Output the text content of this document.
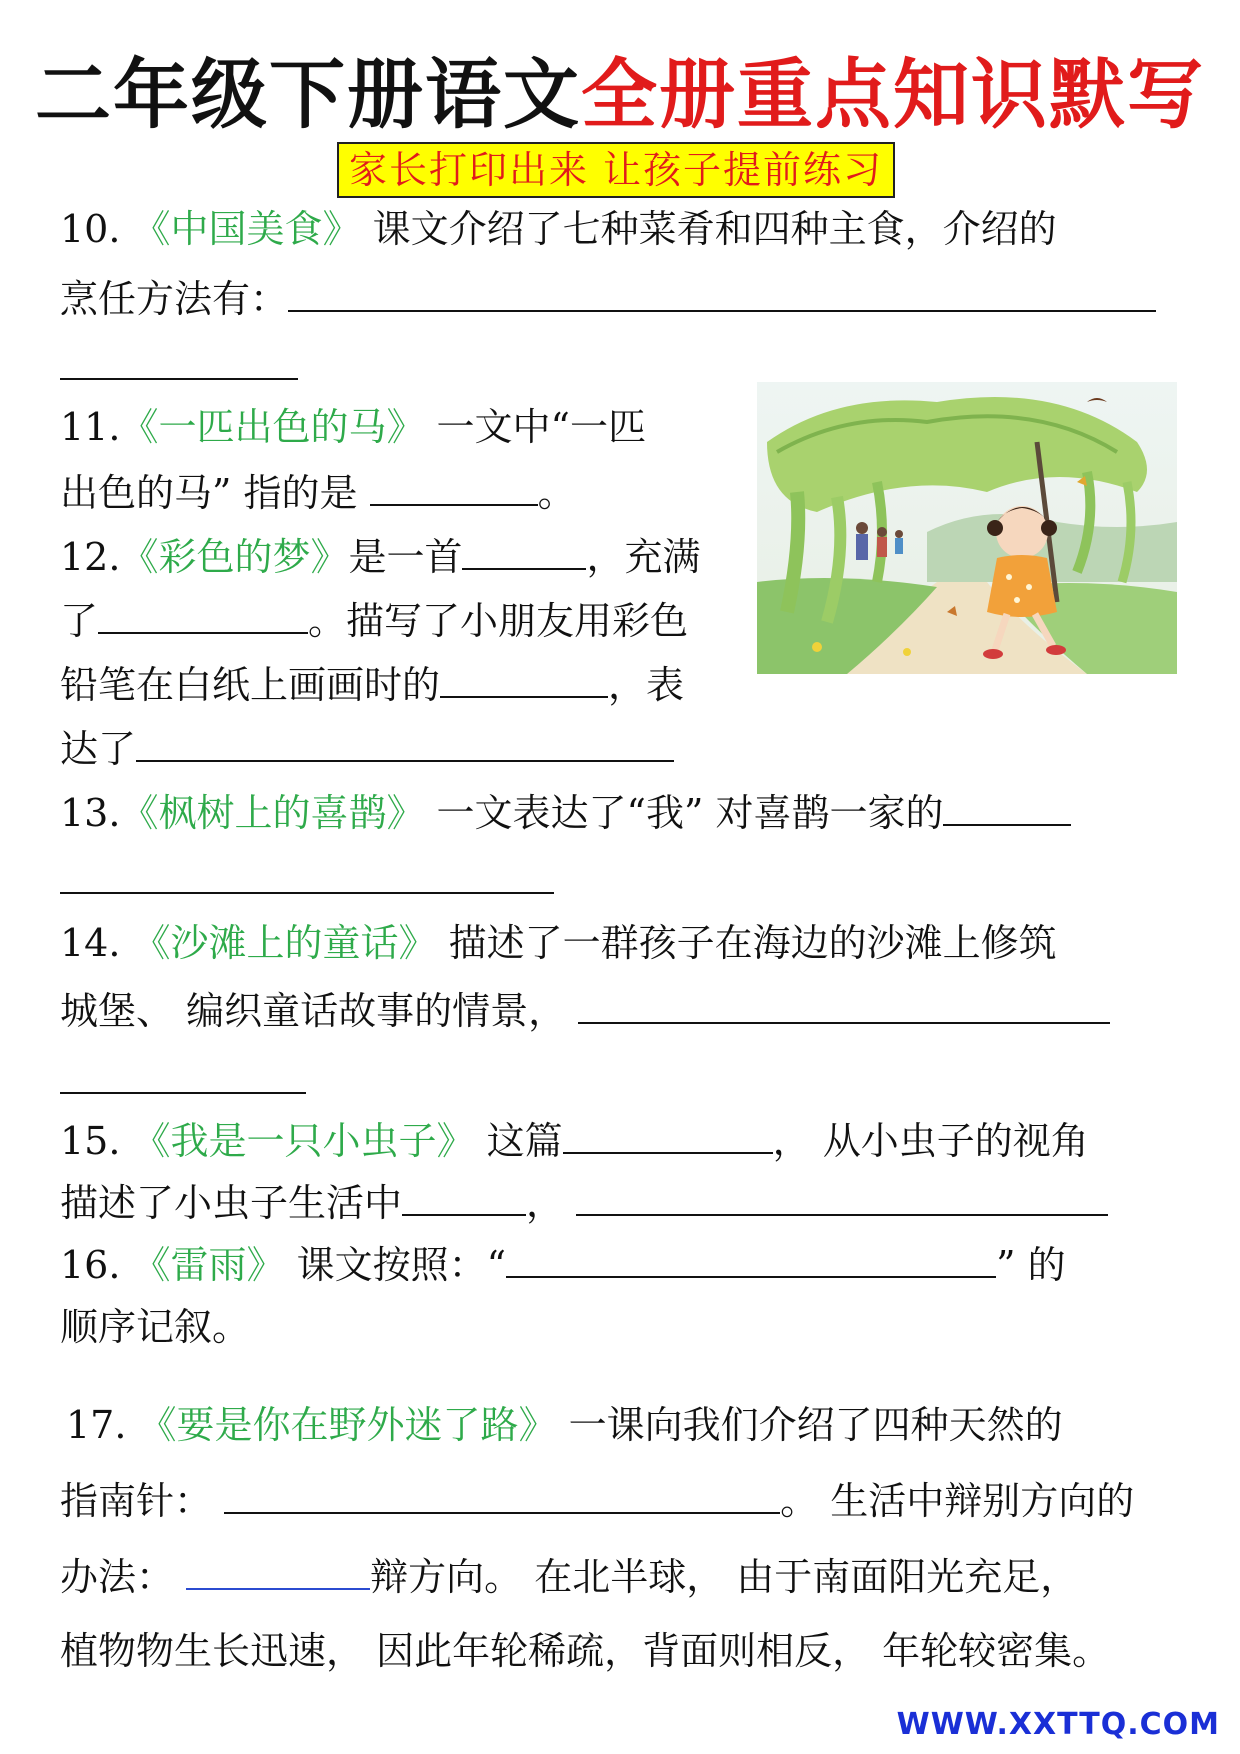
二年级下册语文全册重点知识默写
家长打印出来 让孩子提前练习
10. 《中国美食》 课文介绍了七种菜肴和四种主食，介绍的
烹任方法有：
11.《一匹出色的马》 一文中“一匹
出色的马” 指的是	。
12.《彩色的梦》是一首	，充满
了	。描写了小朋友用彩色
铅笔在白纸上画画时的	，表
达了
13.《枫树上的喜鹊》 一文表达了“我” 对喜鹊一家的
14. 《沙滩上的童话》 描述了一群孩子在海边的沙滩上修筑
城堡、 编织童话故事的情景，
15. 《我是一只小虫子》 这篇	， 从小虫子的视角
描述了小虫子生活中	，
16. 《雷雨》 课文按照：“	” 的
顺序记叙。
17. 《要是你在野外迷了路》 一课向我们介绍了四种天然的
指南针：	。 生活中辩别方向的
办法：	辩方向。 在北半球， 由于南面阳光充足，
植物物生长迅速， 因此年轮稀疏，背面则相反， 年轮较密集。
WWW.XXTTQ.COM
